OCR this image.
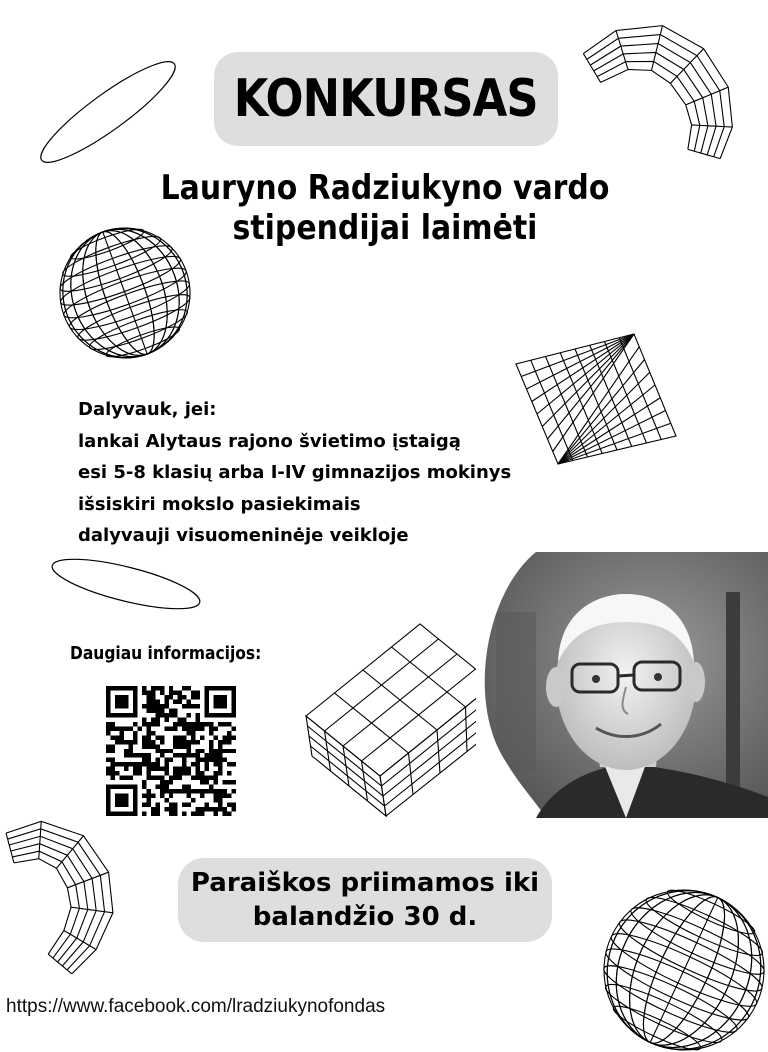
KONKURSAS
Lauryno Radziukyno vardo
stipendijai laimėti
Dalyvauk, jei:
lankai Alytaus rajono švietimo įstaigą
esi 5-8 klasių arba I-IV gimnazijos mokinys
išsiskiri mokslo pasiekimais
dalyvauji visuomeninėje veikloje
Daugiau informacijos:
Paraiškos priimamos iki
balandžio 30 d.
https://www.facebook.com/lradziukynofondas
